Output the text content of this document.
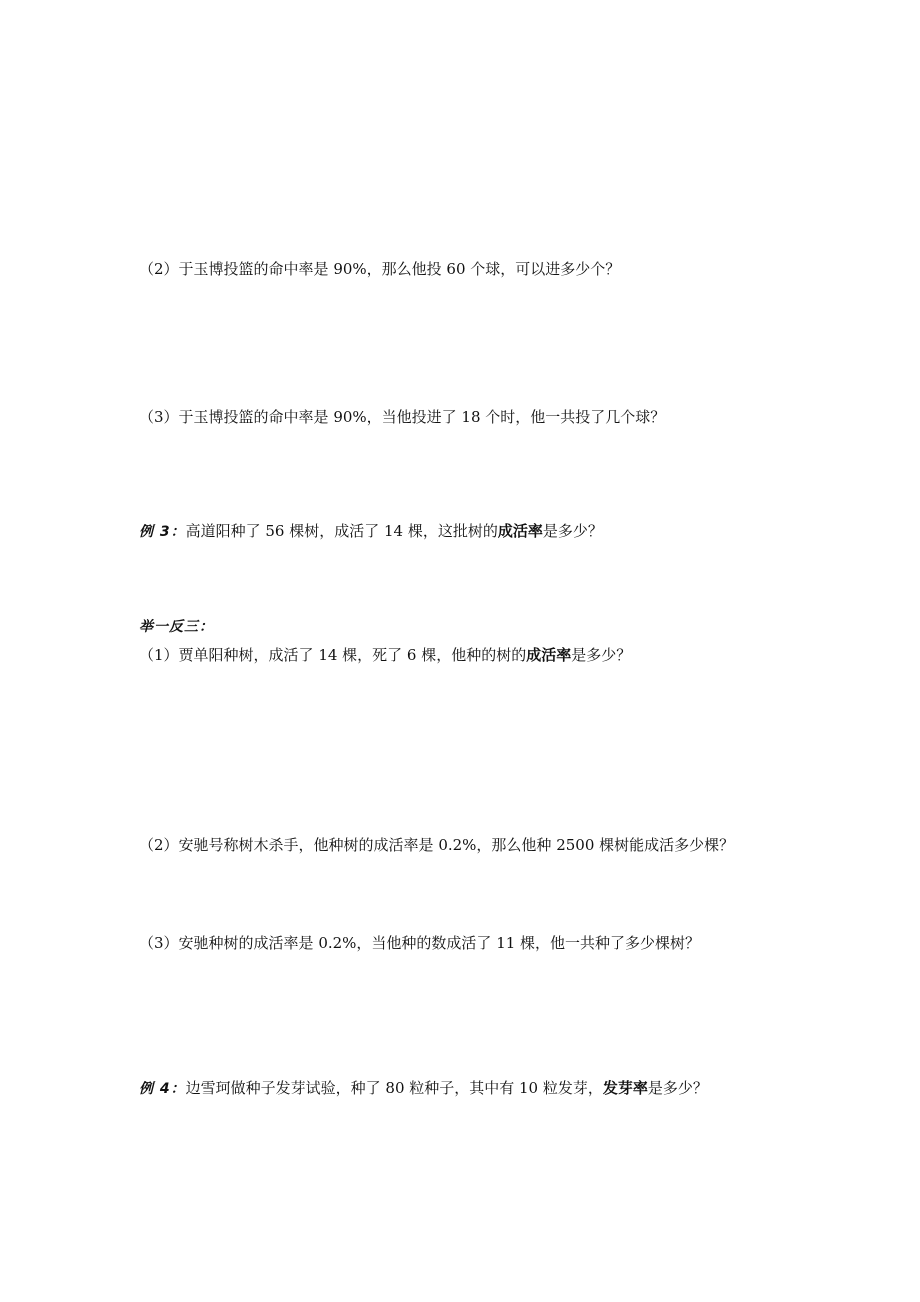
（2）于玉博投篮的命中率是 90%，那么他投 60 个球，可以进多少个？
（3）于玉博投篮的命中率是 90%，当他投进了 18 个时，他一共投了几个球？
例 3：高道阳种了 56 棵树，成活了 14 棵，这批树的成活率是多少？
举一反三：
（1）贾单阳种树，成活了 14 棵，死了 6 棵，他种的树的成活率是多少？
（2）安驰号称树木杀手，他种树的成活率是 0.2%，那么他种 2500 棵树能成活多少棵？
（3）安驰种树的成活率是 0.2%，当他种的数成活了 11 棵，他一共种了多少棵树？
例 4：边雪珂做种子发芽试验，种了 80 粒种子，其中有 10 粒发芽，发芽率是多少？
